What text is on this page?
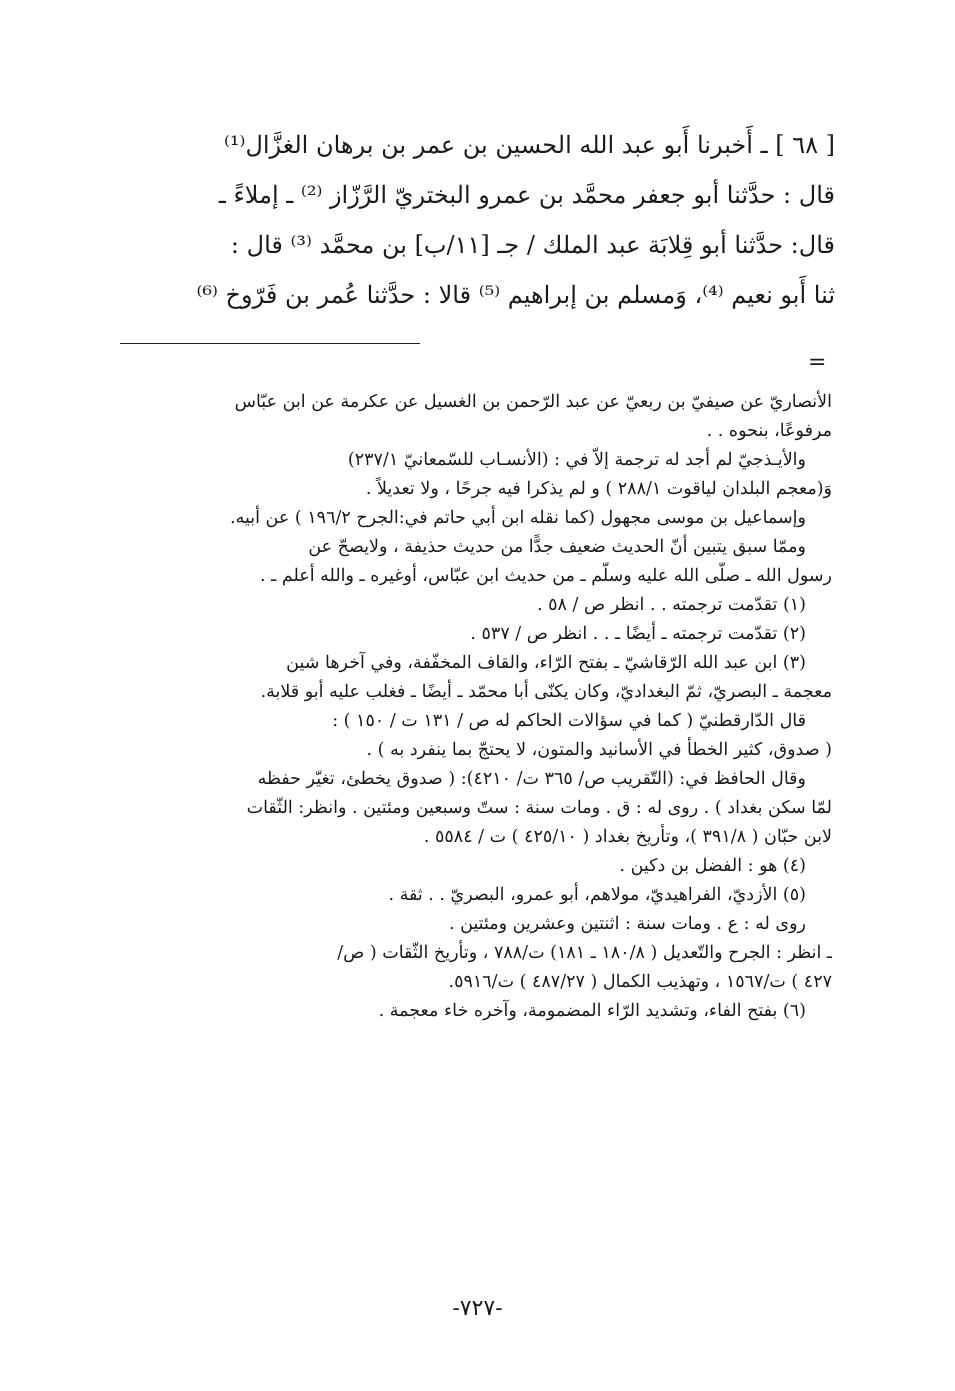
[ ٦٨ ] ـ أَخبرنا أَبو عبد الله الحسين بن عمر بن برهان الغزَّال⁽¹⁾

قال : حدَّثنا أبو جعفر محمَّد بن عمرو البختريّ الرَّزّاز ⁽²⁾ ـ إملاءً ـ

قال: حدَّثنا أبو قِلابَة عبد الملك / جـ [١١/ب] بن محمَّد ⁽³⁾ قال :

ثنا أَبو نعيم ⁽⁴⁾، وَمسلم بن إبراهيم ⁽⁵⁾ قالا : حدَّثنا عُمر بن فَرّوخ ⁽⁶⁾

=

الأنصاريّ عن صيفيّ بن ربعيّ عن عبد الرّحمن بن الغسيل عن عكرمة عن ابن عبّاس

مرفوعًا، بنحوه . .

والأيـذجيّ لم أجد له ترجمة إلاّ في : (الأنسـاب للسّمعانيّ ٢٣٧/١)

وَ(معجم البلدان لياقوت ٢٨٨/١ ) و لم يذكرا فيه جرحًا ، ولا تعديلاً .

وإسماعيل بن موسى مجهول (كما نقله ابن أبي حاتم في:الجرح ١٩٦/٢ ) عن أبيه.

وممّا سبق يتبين أنّ الحديث ضعيف جدًّا من حديث حذيفة ، ولايصحّ عن

رسول الله ـ صلّى الله عليه وسلّم ـ من حديث ابن عبّاس، أوغيره ـ والله أعلم ـ .

(١) تقدّمت ترجمته . . انظر ص / ٥٨ .

(٢) تقدّمت ترجمته ـ أيضًا ـ . . انظر ص / ٥٣٧ .

(٣) ابن عبد الله الرّقاشيّ ـ بفتح الرّاء، والقاف المخفّفة، وفي آخرها شين

معجمة ـ البصريّ، ثمّ البغداديّ، وكان يكنّى أبا محمّد ـ أيضًا ـ فغلب عليه أبو قلابة.

قال الدّارقطنيّ ( كما في سؤالات الحاكم له ص / ١٣١ ت / ١٥٠ ) :

( صدوق، كثير الخطأ في الأسانيد والمتون، لا يحتجّ بما ينفرد به ) .

وقال الحافظ في: (التّقريب ص/ ٣٦٥ ت/ ٤٢١٠): ( صدوق يخطئ، تغيّر حفظه

لمّا سكن بغداد ) . روى له : ق . ومات سنة : ستّ وسبعين ومئتين . وانظر: الثّقات

لابن حبّان ( ٣٩١/٨ )، وتأريخ بغداد ( ٤٢٥/١٠ ) ت / ٥٥٨٤ .

(٤) هو : الفضل بن دكين .

(٥) الأزديّ، الفراهيديّ، مولاهم، أبو عمرو، البصريّ . . ثقة .

روى له : ع . ومات سنة : اثنتين وعشرين ومئتين .

ـ انظر : الجرح والتّعديل ( ١٨٠/٨ ـ ١٨١) ت/٧٨٨ ، وتأريخ الثّقات ( ص/

٤٢٧ ) ت/١٥٦٧ ، وتهذيب الكمال ( ٤٨٧/٢٧ ) ت/٥٩١٦.

(٦) بفتح الفاء، وتشديد الرّاء المضمومة، وآخره خاء معجمة .

-٧٢٧-
